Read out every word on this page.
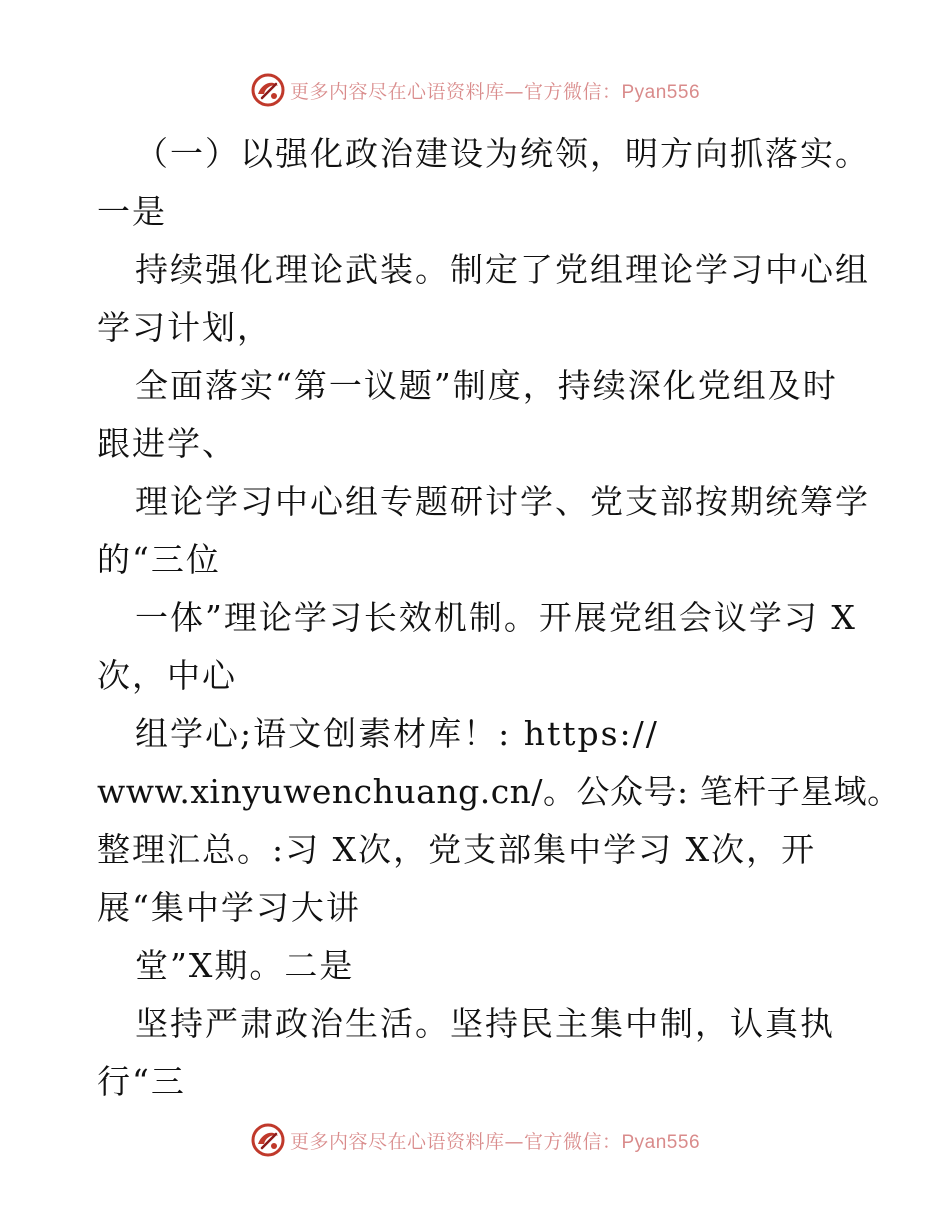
更多内容尽在心语资料库—官方微信：Pyan556
（一）以强化政治建设为统领，明方向抓落实。
一是
持续强化理论武装。制定了党组理论学习中心组
学习计划，
全面落实“第一议题”制度，持续深化党组及时
跟进学、
理论学习中心组专题研讨学、党支部按期统筹学
的“三位
一体”理论学习长效机制。开展党组会议学习 X
次，中心
组学心;语文创素材库！: https://
www.xinyuwenchuang.cn/。公众号: 笔杆子星域。
整理汇总。:习 X次，党支部集中学习 X次，开
展“集中学习大讲
堂”X期。二是
坚持严肃政治生活。坚持民主集中制，认真执
行“三
更多内容尽在心语资料库—官方微信：Pyan556
